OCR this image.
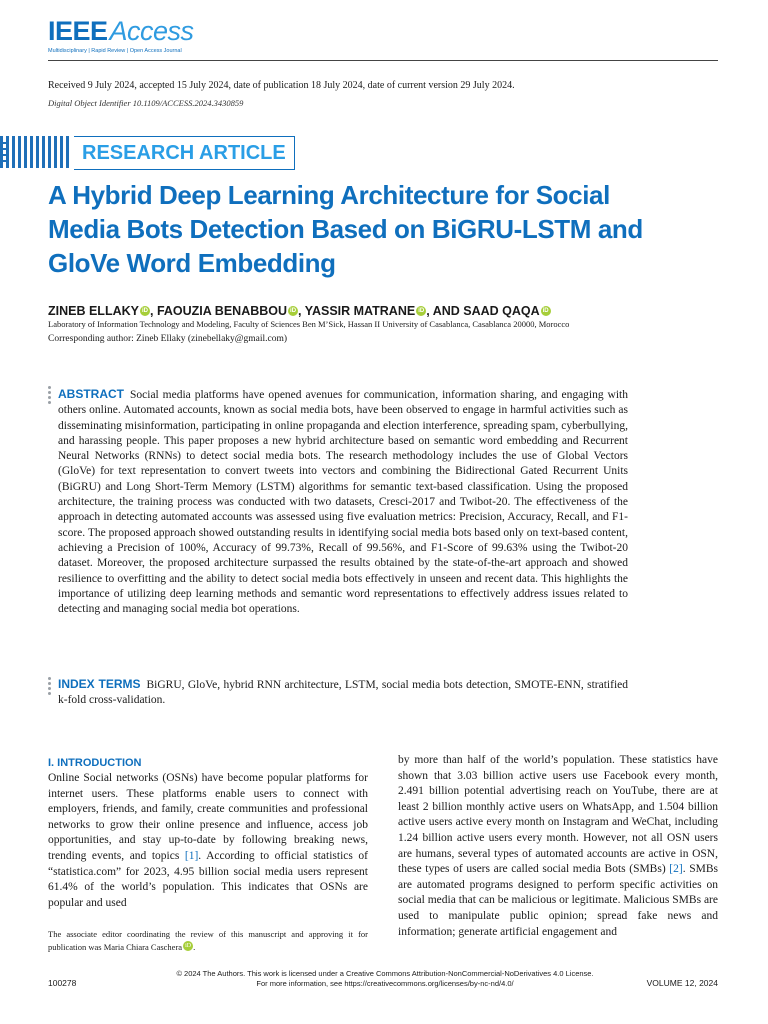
IEEEAccess
Multidisciplinary | Rapid Review | Open Access Journal
Received 9 July 2024, accepted 15 July 2024, date of publication 18 July 2024, date of current version 29 July 2024.
Digital Object Identifier 10.1109/ACCESS.2024.3430859
RESEARCH ARTICLE
A Hybrid Deep Learning Architecture for Social Media Bots Detection Based on BiGRU-LSTM and GloVe Word Embedding
ZINEB ELLAKY iD , FAOUZIA BENABBOU iD , YASSIR MATRANE iD , AND SAAD QAQA iD
Laboratory of Information Technology and Modeling, Faculty of Sciences Ben M’Sick, Hassan II University of Casablanca, Casablanca 20000, Morocco
Corresponding author: Zineb Ellaky (zinebellaky@gmail.com)
ABSTRACT Social media platforms have opened avenues for communication, information sharing, and engaging with others online. Automated accounts, known as social media bots, have been observed to engage in harmful activities such as disseminating misinformation, participating in online propaganda and election interference, spreading spam, cyberbullying, and harassing people. This paper proposes a new hybrid architecture based on semantic word embedding and Recurrent Neural Networks (RNNs) to detect social media bots. The research methodology includes the use of Global Vectors (GloVe) for text representation to convert tweets into vectors and combining the Bidirectional Gated Recurrent Units (BiGRU) and Long Short-Term Memory (LSTM) algorithms for semantic text-based classification. Using the proposed architecture, the training process was conducted with two datasets, Cresci-2017 and Twibot-20. The effectiveness of the approach in detecting automated accounts was assessed using five evaluation metrics: Precision, Accuracy, Recall, and F1-score. The proposed approach showed outstanding results in identifying social media bots based only on text-based content, achieving a Precision of 100%, Accuracy of 99.73%, Recall of 99.56%, and F1-Score of 99.63% using the Twibot-20 dataset. Moreover, the proposed architecture surpassed the results obtained by the state-of-the-art approach and showed resilience to overfitting and the ability to detect social media bots effectively in unseen and recent data. This highlights the importance of utilizing deep learning methods and semantic word representations to effectively address issues related to detecting and managing social media bot operations.
INDEX TERMS BiGRU, GloVe, hybrid RNN architecture, LSTM, social media bots detection, SMOTE-ENN, stratified k-fold cross-validation.
I. INTRODUCTION
Online Social networks (OSNs) have become popular platforms for internet users. These platforms enable users to connect with employers, friends, and family, create communities and professional networks to grow their online presence and influence, access job opportunities, and stay up-to-date by following breaking news, trending events, and topics [1]. According to official statistics of “statistica.com” for 2023, 4.95 billion social media users represent 61.4% of the world’s population. This indicates that OSNs are popular and used
by more than half of the world’s population. These statistics have shown that 3.03 billion active users use Facebook every month, 2.491 billion potential advertising reach on YouTube, there are at least 2 billion monthly active users on WhatsApp, and 1.504 billion active users active every month on Instagram and WeChat, including 1.24 billion active users every month. However, not all OSN users are humans, several types of automated accounts are active in OSN, these types of users are called social media Bots (SMBs) [2]. SMBs are automated programs designed to perform specific activities on social media that can be malicious or legitimate. Malicious SMBs are used to manipulate public opinion; spread fake news and information; generate artificial engagement and
The associate editor coordinating the review of this manuscript and approving it for publication was Maria Chiara Caschera iD .
100278
© 2024 The Authors. This work is licensed under a Creative Commons Attribution-NonCommercial-NoDerivatives 4.0 License.
For more information, see https://creativecommons.org/licenses/by-nc-nd/4.0/	VOLUME 12, 2024
